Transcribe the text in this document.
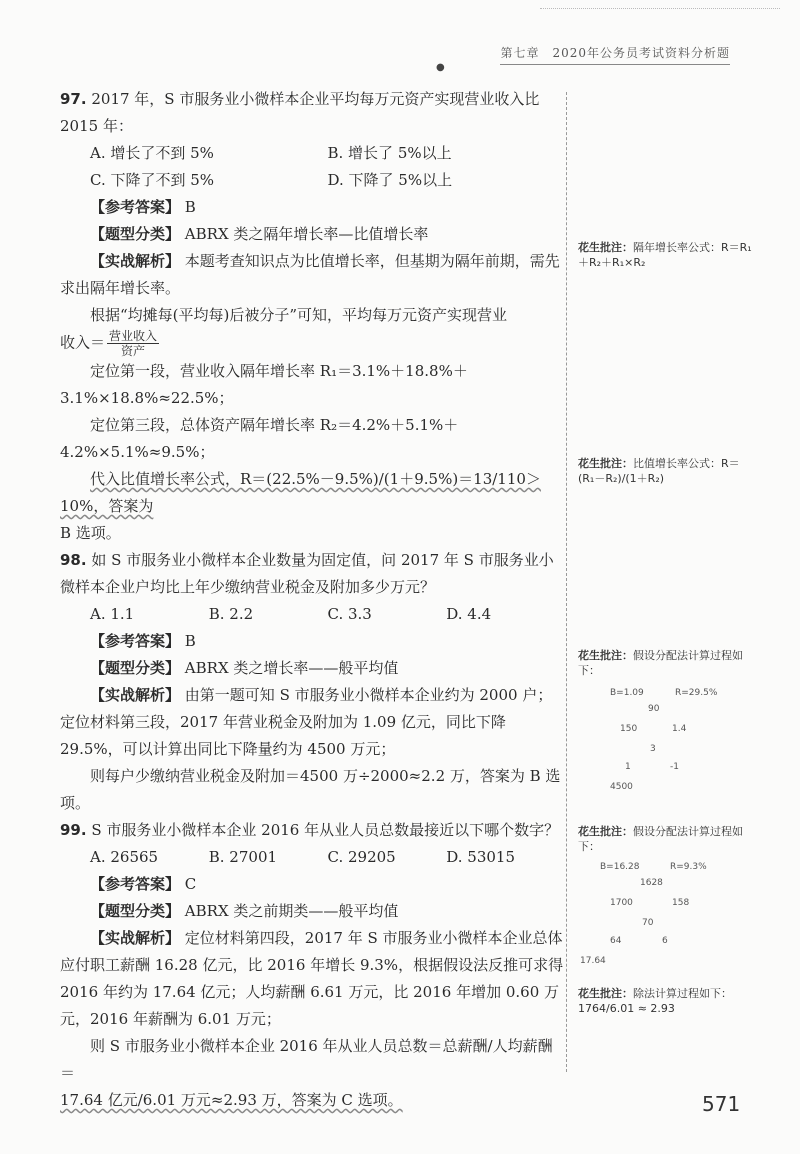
第七章　2020年公务员考试资料分析题
●

97. 2017 年，S 市服务业小微样本企业平均每万元资产实现营业收入比 2015 年：

A. 增长了不到 5%	B. 增长了 5%以上
C. 下降了不到 5%	D. 下降了 5%以上

【参考答案】 B

【题型分类】 ABRX 类之隔年增长率—比值增长率

【实战解析】 本题考查知识点为比值增长率，但基期为隔年前期，需先求出隔年增长率。

根据“均摊每(平均每)后被分子”可知，平均每万元资产实现营业

收入＝ $\frac{\text{营业收入}}{\text{资产}}$

定位第一段，营业收入隔年增长率 R₁＝3.1%＋18.8%＋3.1%×18.8%≈22.5%；

定位第三段，总体资产隔年增长率 R₂＝4.2%＋5.1%＋4.2%×5.1%≈9.5%；

代入比值增长率公式，R＝(22.5%－9.5%)/(1＋9.5%)＝13/110＞10%，答案为

B 选项。

98. 如 S 市服务业小微样本企业数量为固定值，问 2017 年 S 市服务业小微样本企业户均比上年少缴纳营业税金及附加多少万元？

A. 1.1	B. 2.2	C. 3.3	D. 4.4

【参考答案】 B

【题型分类】 ABRX 类之增长率——般平均值

【实战解析】 由第一题可知 S 市服务业小微样本企业约为 2000 户；定位材料第三段，2017 年营业税金及附加为 1.09 亿元，同比下降 29.5%，可以计算出同比下降量约为 4500 万元；

则每户少缴纳营业税金及附加＝4500 万÷2000≈2.2 万，答案为 B 选项。

99. S 市服务业小微样本企业 2016 年从业人员总数最接近以下哪个数字？

A. 26565	B. 27001	C. 29205	D. 53015

【参考答案】 C

【题型分类】 ABRX 类之前期类——般平均值

【实战解析】 定位材料第四段，2017 年 S 市服务业小微样本企业总体应付职工薪酬 16.28 亿元，比 2016 年增长 9.3%，根据假设法反推可求得 2016 年约为 17.64 亿元；人均薪酬 6.61 万元，比 2016 年增加 0.60 万元，2016 年薪酬为 6.01 万元；

则 S 市服务业小微样本企业 2016 年从业人员总数＝总薪酬/人均薪酬＝

17.64 亿元/6.01 万元≈2.93 万，答案为 C 选项。

花生批注：隔年增长率公式：R＝R₁＋R₂＋R₁×R₂
花生批注：比值增长率公式：R＝(R₁－R₂)/(1＋R₂)
花生批注：假设分配法计算过程如下：
B=1.09	R=29.5%
90
150	1.4
3
1	-1
4500
花生批注：假设分配法计算过程如下：
B=16.28	R=9.3%
1628
1700	158
70
6
64
17.64
花生批注：除法计算过程如下：1764/6.01 ≈ 2.93
571
